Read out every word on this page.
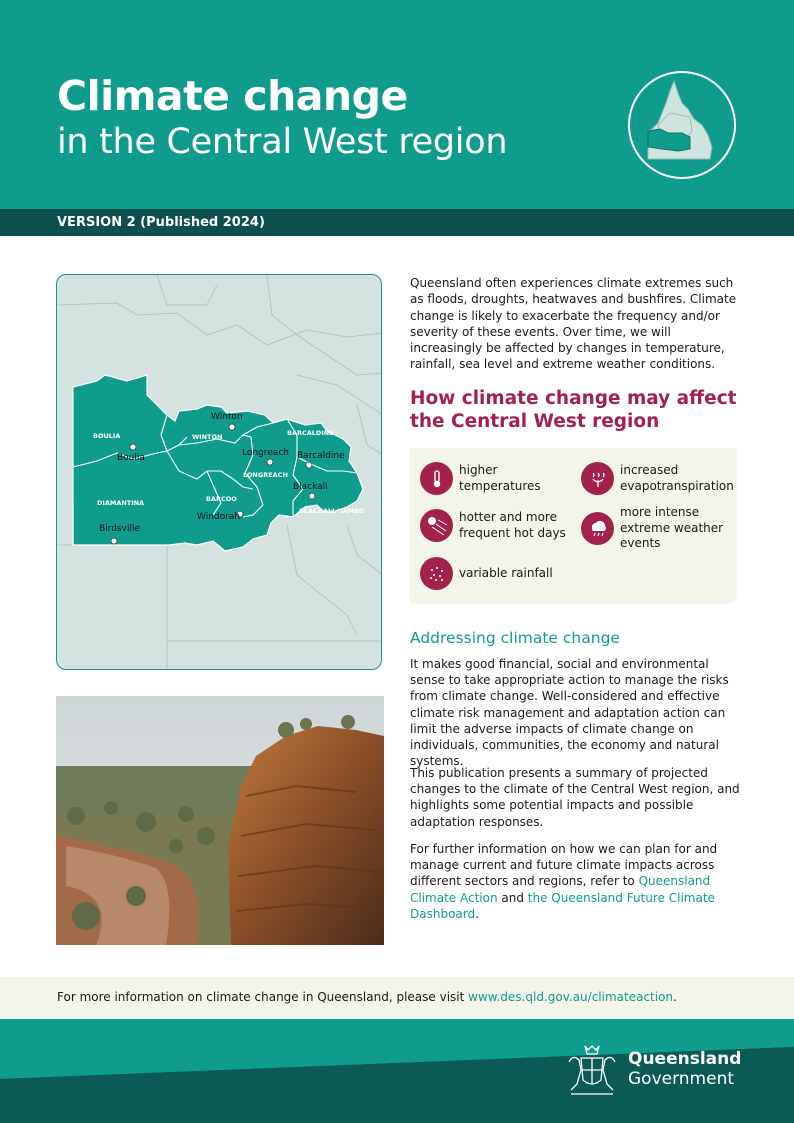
Climate change
in the Central West region
VERSION 2 (Published 2024)
BOULIA	WINTON	BARCALDINE
LONGREACH
DIAMANTINA	BARCOO
BLACKALL TAMBO
Winton
Boulia	Longreach Barcaldine
Blackall
Windorah
Birdsville
Queensland often experiences climate extremes such as floods, droughts, heatwaves and bushfires. Climate change is likely to exacerbate the frequency and/or severity of these events. Over time, we will increasingly be affected by changes in temperature, rainfall, sea level and extreme weather conditions.
How climate change may affect the Central West region
higher temperatures
increased evapotranspiration
hotter and more frequent hot days
more intense extreme weather events
variable rainfall
Addressing climate change
It makes good financial, social and environmental sense to take appropriate action to manage the risks from climate change. Well-considered and effective climate risk management and adaptation action can limit the adverse impacts of climate change on individuals, communities, the economy and natural systems.
This publication presents a summary of projected changes to the climate of the Central West region, and highlights some potential impacts and possible adaptation responses.
For further information on how we can plan for and manage current and future climate impacts across different sectors and regions, refer to Queensland Climate Action and the Queensland Future Climate Dashboard.

For more information on climate change in Queensland, please visit www.des.qld.gov.au/climateaction.

Queensland
Government
